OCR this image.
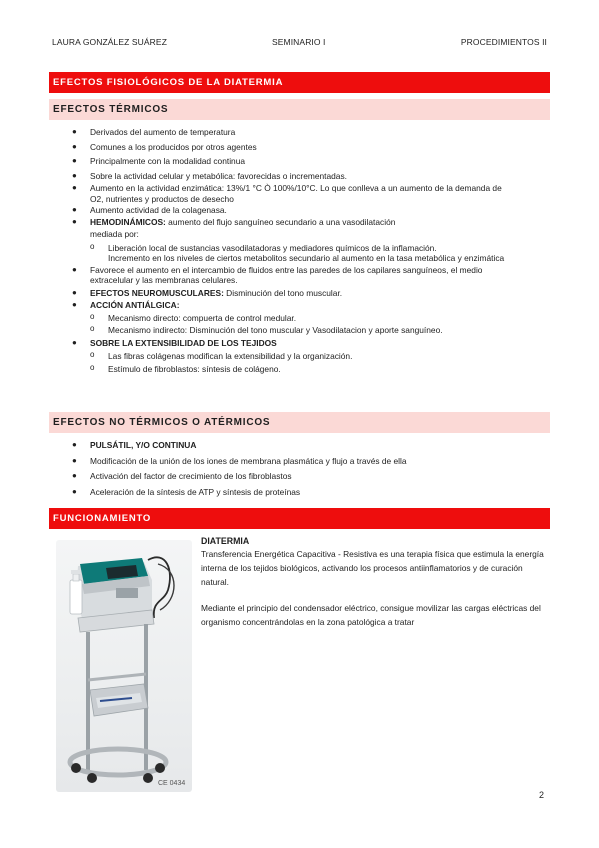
LAURA GONZÁLEZ SUÁREZ	SEMINARIO I	PROCEDIMIENTOS II
EFECTOS FISIOLÓGICOS DE LA DIATERMIA
EFECTOS TÉRMICOS
● Derivados del aumento de temperatura
● Comunes a los producidos por otros agentes
● Principalmente con la modalidad continua
● Sobre la actividad celular y metabólica: favorecidas o incrementadas.
● Aumento en la actividad enzimática: 13%/1 °C Ò 100%/10°C. Lo que conlleva a un aumento de la demanda de
O2, nutrientes y productos de desecho
● Aumento actividad de la colagenasa.
● HEMODINÁMICOS: aumento del flujo sanguíneo secundario a una vasodilatación
mediada por:
o Liberación local de sustancias vasodilatadoras y mediadores químicos de la inflamación.
Incremento en los niveles de ciertos metabolitos secundario al aumento en la tasa metabólica y enzimática
● Favorece el aumento en el intercambio de fluidos entre las paredes de los capilares sanguíneos, el medio
extracelular y las membranas celulares.
● EFECTOS NEUROMUSCULARES: Disminución del tono muscular.
● ACCIÓN ANTIÁLGICA:
o Mecanismo directo: compuerta de control medular.
o Mecanismo indirecto: Disminución del tono muscular y Vasodilatacion y aporte sanguíneo.
● SOBRE LA EXTENSIBILIDAD DE LOS TEJIDOS
o Las fibras colágenas modifican la extensibilidad y la organización.
o Estímulo de fibroblastos: síntesis de colágeno.
EFECTOS NO TÉRMICOS O ATÉRMICOS
● PULSÁTIL, Y/O CONTINUA
● Modificación de la unión de los iones de membrana plasmática y flujo a través de ella
● Activación del factor de crecimiento de los fibroblastos
● Aceleración de la síntesis de ATP y síntesis de proteínas
FUNCIONAMIENTO
CE 0434
DIATERMIA
Transferencia Energética Capacitiva - Resistiva es una terapia física que estimula la energía interna de los tejidos biológicos, activando los procesos antiinflamatorios y de curación natural.
Mediante el principio del condensador eléctrico, consigue movilizar las cargas eléctricas del organismo concentrándolas en la zona patológica a tratar
2
